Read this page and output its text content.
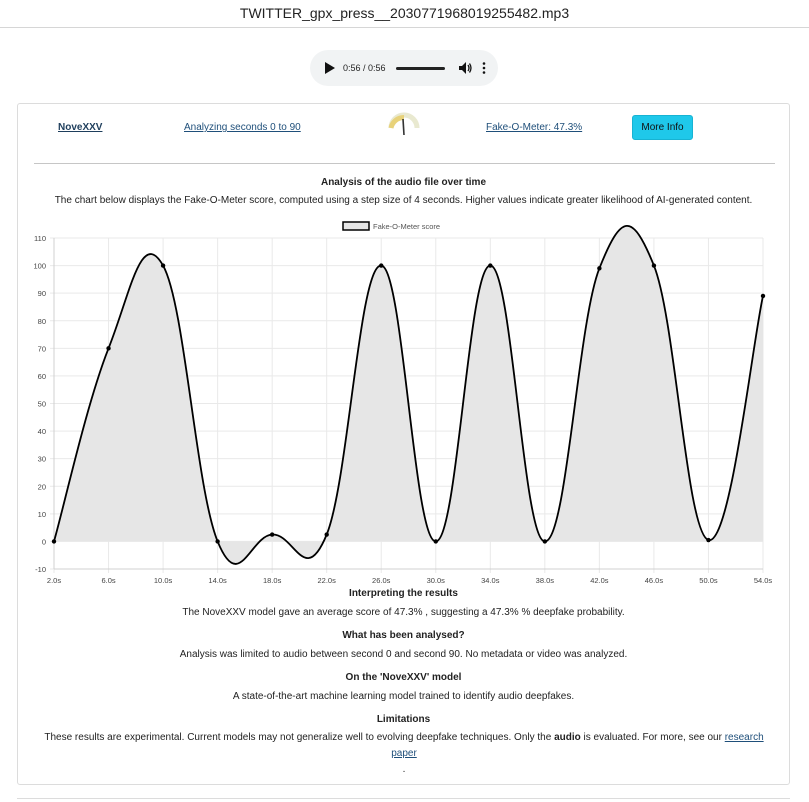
TWITTER_gpx_press__2030771968019255482.mp3
0:56 / 0:56
NoveXXV	Analyzing seconds 0 to 90	Fake-O-Meter: 47.3%	More Info
Analysis of the audio file over time
The chart below displays the Fake-O-Meter score, computed using a step size of 4 seconds. Higher values indicate greater likelihood of AI-generated content.
-10
0
10
20
30
40
50
60
70
80
90
100
110
2.0s	6.0s	10.0s	14.0s	18.0s	22.0s	26.0s	30.0s	34.0s	38.0s	42.0s	46.0s	50.0s	54.0s
Fake-O-Meter score
Interpreting the results
The NoveXXV model gave an average score of 47.3% , suggesting a 47.3% % deepfake probability.
What has been analysed?
Analysis was limited to audio between second 0 and second 90. No metadata or video was analyzed.
On the 'NoveXXV' model
A state-of-the-art machine learning model trained to identify audio deepfakes.
Limitations
These results are experimental. Current models may not generalize well to evolving deepfake techniques. Only the audio is evaluated. For more, see our research paper
.
